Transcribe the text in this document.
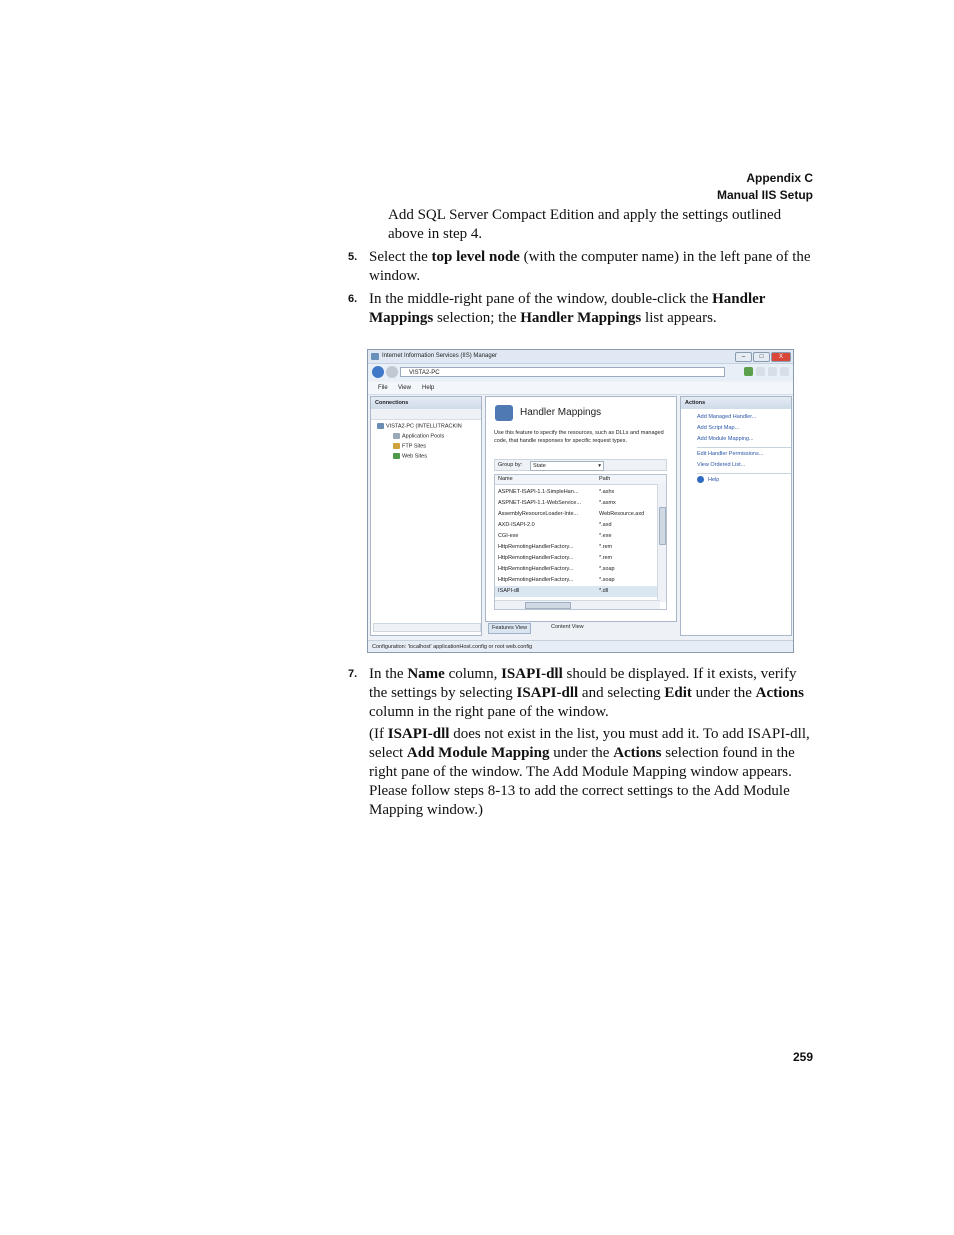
Appendix C
Manual IIS Setup
Add SQL Server Compact Edition and apply the settings outlined above in step 4.
5. Select the top level node (with the computer name) in the left pane of the window.
6. In the middle-right pane of the window, double-click the Handler Mappings selection; the Handler Mappings list appears.
Internet Information Services (IIS) Manager	–	□	X
VISTA2-PC
File View Help
Connections
VISTA2-PC (INTELLITRACKIN
Application Pools
FTP Sites
Web Sites
Handler Mappings
Use this feature to specify the resources, such as DLLs and managed code, that handle responses for specific request types.
Group by:	State	▾
Name	Path
ASPNET-ISAPI-1.1-SimpleHan...	*.ashx
ASPNET-ISAPI-1.1-WebService...	*.asmx
AssemblyResourceLoader-Inte...	WebResource.axd
AXD-ISAPI-2.0	*.axd
CGI-exe	*.exe
HttpRemotingHandlerFactory...	*.rem
HttpRemotingHandlerFactory...	*.rem
HttpRemotingHandlerFactory...	*.soap
HttpRemotingHandlerFactory...	*.soap
ISAPI-dll	*.dll
Features View	Content View
Actions
Add Managed Handler...
Add Script Map...
Add Module Mapping...
Edit Handler Permissions...
View Ordered List...
Help
Configuration: 'localhost' applicationHost.config or root web.config
7. In the Name column, ISAPI-dll should be displayed. If it exists, verify the settings by selecting ISAPI-dll and selecting Edit under the Actions column in the right pane of the window.
(If ISAPI-dll does not exist in the list, you must add it. To add ISAPI-dll, select Add Module Mapping under the Actions selection found in the right pane of the window. The Add Module Mapping window appears. Please follow steps 8-13 to add the correct settings to the Add Module Mapping window.)
259
